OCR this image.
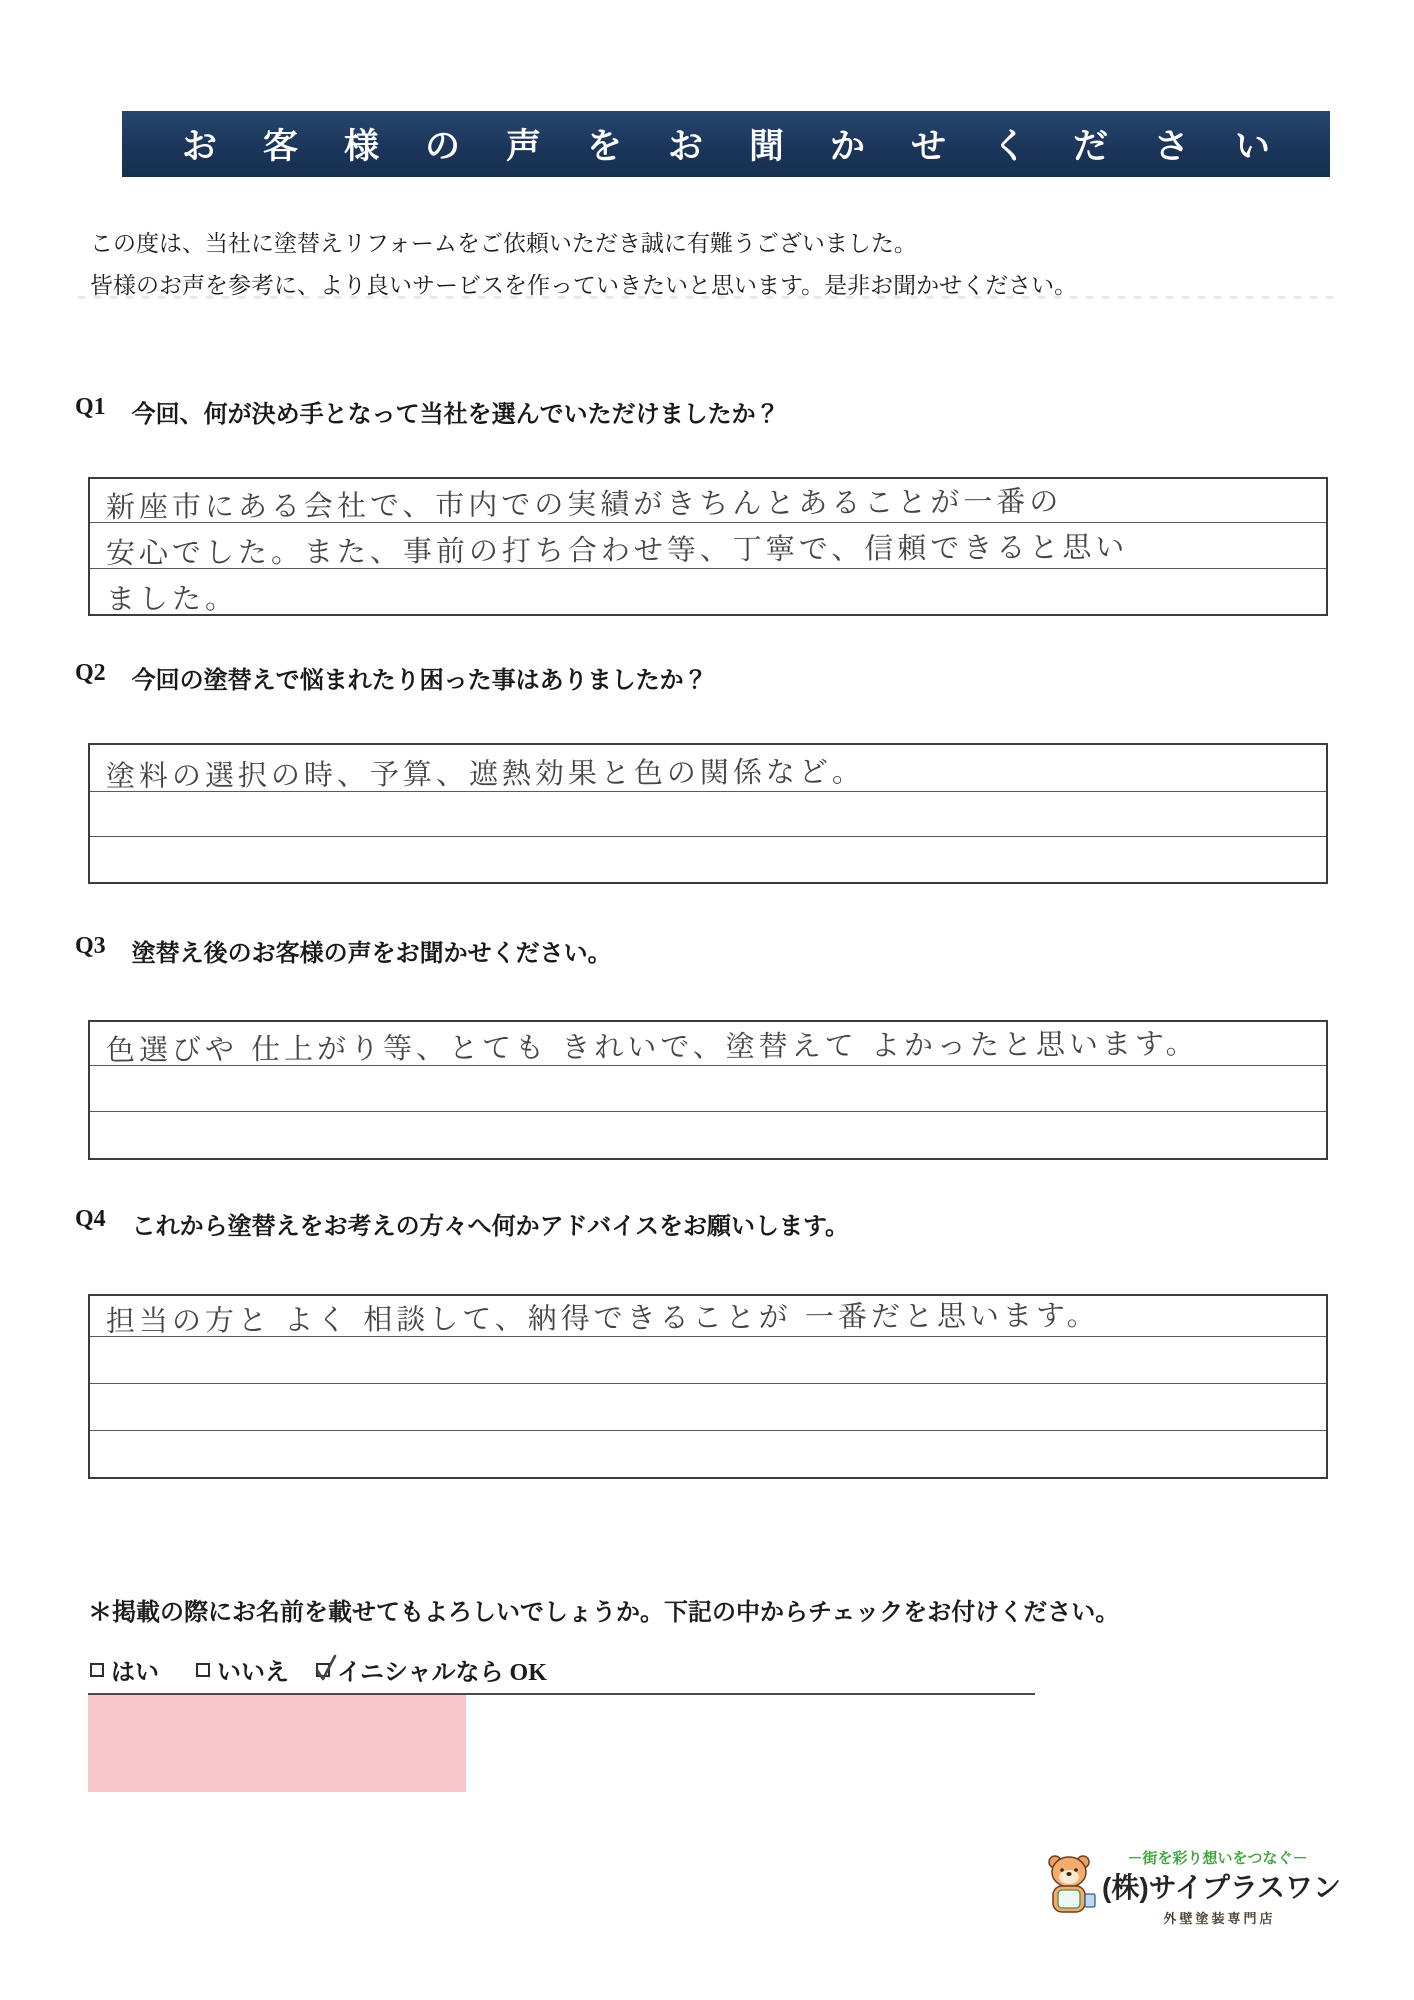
お客様の声をお聞かせください

この度は、当社に塗替えリフォームをご依頼いただき誠に有難うございました。

皆様のお声を参考に、より良いサービスを作っていきたいと思います。是非お聞かせください。

Q1 今回、何が決め手となって当社を選んでいただけましたか？
新座市にある会社で、市内での実績がきちんとあることが一番の
安心でした。また、事前の打ち合わせ等、丁寧で、信頼できると思い
ました。
Q2 今回の塗替えで悩まれたり困った事はありましたか？
塗料の選択の時、予算、遮熱効果と色の関係など。
Q3 塗替え後のお客様の声をお聞かせください。
色選びや 仕上がり等、とても きれいで、塗替えて よかったと思います。
Q4 これから塗替えをお考えの方々へ何かアドバイスをお願いします。
担当の方と よく 相談して、納得できることが 一番だと思います。

＊掲載の際にお名前を載せてもよろしいでしょうか。下記の中からチェックをお付けください。

はい いいえ イニシャルなら OK
－街を彩り想いをつなぐ－
(株)サイプラスワン
外壁塗装専門店
